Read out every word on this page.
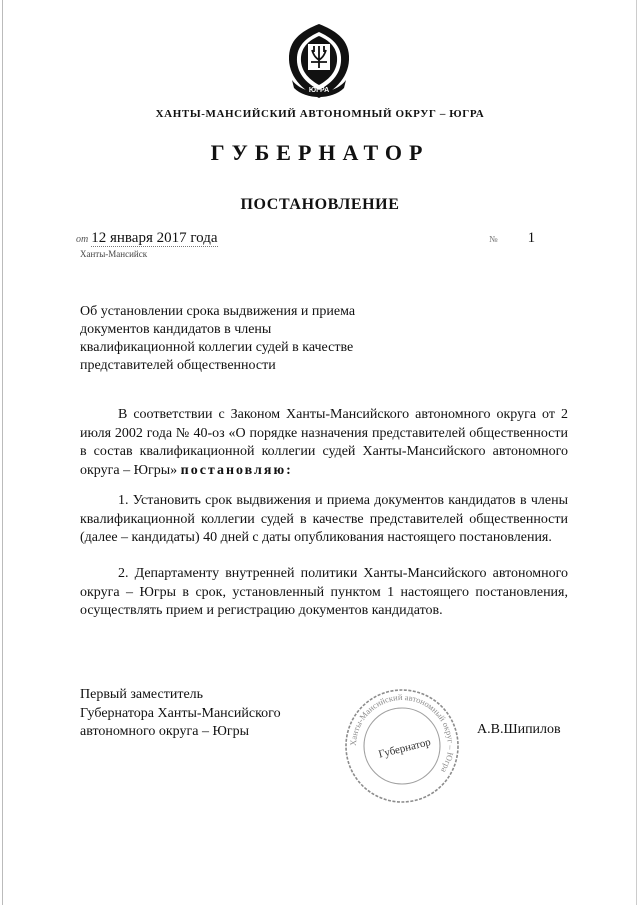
ЮГРА
ХАНТЫ-МАНСИЙСКИЙ АВТОНОМНЫЙ ОКРУГ – ЮГРА
ГУБЕРНАТОР
ПОСТАНОВЛЕНИЕ
от 12 января 2017 года	№ 1
Ханты-Мансийск
Об установлении срока выдвижения и приема
документов кандидатов в члены
квалификационной коллегии судей в качестве
представителей общественности
В соответствии с Законом Ханты-Мансийского автономного округа от 2 июля 2002 года № 40-оз «О порядке назначения представителей общественности в состав квалификационной коллегии судей Ханты-Мансийского автономного округа – Югры» постановляю:
1. Установить срок выдвижения и приема документов кандидатов в члены квалификационной коллегии судей в качестве представителей общественности (далее – кандидаты) 40 дней с даты опубликования настоящего постановления.
2. Департаменту внутренней политики Ханты-Мансийского автономного округа – Югры в срок, установленный пунктом 1 настоящего постановления, осуществлять прием и регистрацию документов кандидатов.
Первый заместитель
Губернатора Ханты-Мансийского
автономного округа – Югры
Ханты-Мансийский автономный округ – Югра
Губернатор
А.В.Шипилов
